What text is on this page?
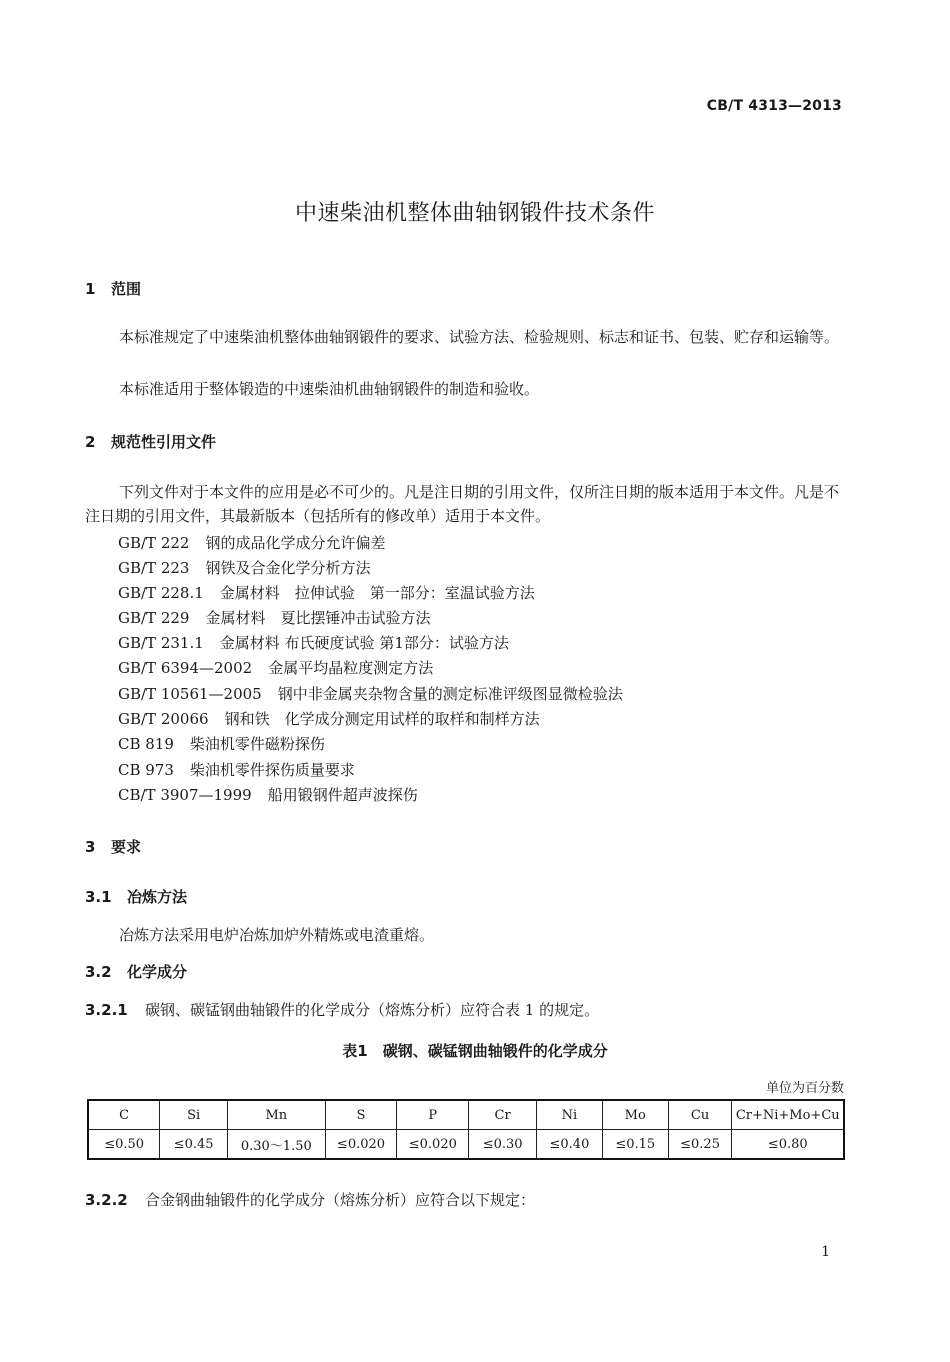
CB/T 4313—2013
中速柴油机整体曲轴钢锻件技术条件
1 范围
本标准规定了中速柴油机整体曲轴钢锻件的要求、试验方法、检验规则、标志和证书、包装、贮存和运输等。
本标准适用于整体锻造的中速柴油机曲轴钢锻件的制造和验收。
2 规范性引用文件
下列文件对于本文件的应用是必不可少的。凡是注日期的引用文件，仅所注日期的版本适用于本文件。凡是不注日期的引用文件，其最新版本（包括所有的修改单）适用于本文件。
GB/T 222 钢的成品化学成分允许偏差
GB/T 223 钢铁及合金化学分析方法
GB/T 228.1 金属材料　拉伸试验　第一部分：室温试验方法
GB/T 229 金属材料　夏比摆锤冲击试验方法
GB/T 231.1 金属材料 布氏硬度试验 第1部分：试验方法
GB/T 6394—2002 金属平均晶粒度测定方法
GB/T 10561—2005 钢中非金属夹杂物含量的测定标准评级图显微检验法
GB/T 20066 钢和铁　化学成分测定用试样的取样和制样方法
CB 819 柴油机零件磁粉探伤
CB 973 柴油机零件探伤质量要求
CB/T 3907—1999 船用锻钢件超声波探伤
3 要求
3.1 冶炼方法
冶炼方法采用电炉冶炼加炉外精炼或电渣重熔。
3.2 化学成分
3.2.1 碳钢、碳锰钢曲轴锻件的化学成分（熔炼分析）应符合表 1 的规定。
表1　碳钢、碳锰钢曲轴锻件的化学成分
单位为百分数
C	Si	Mn	S	P	Cr	Ni	Mo	Cu	Cr+Ni+Mo+Cu
≤0.50	≤0.45	0.30～1.50	≤0.020	≤0.020	≤0.30	≤0.40	≤0.15	≤0.25	≤0.80
3.2.2 合金钢曲轴锻件的化学成分（熔炼分析）应符合以下规定：
1
